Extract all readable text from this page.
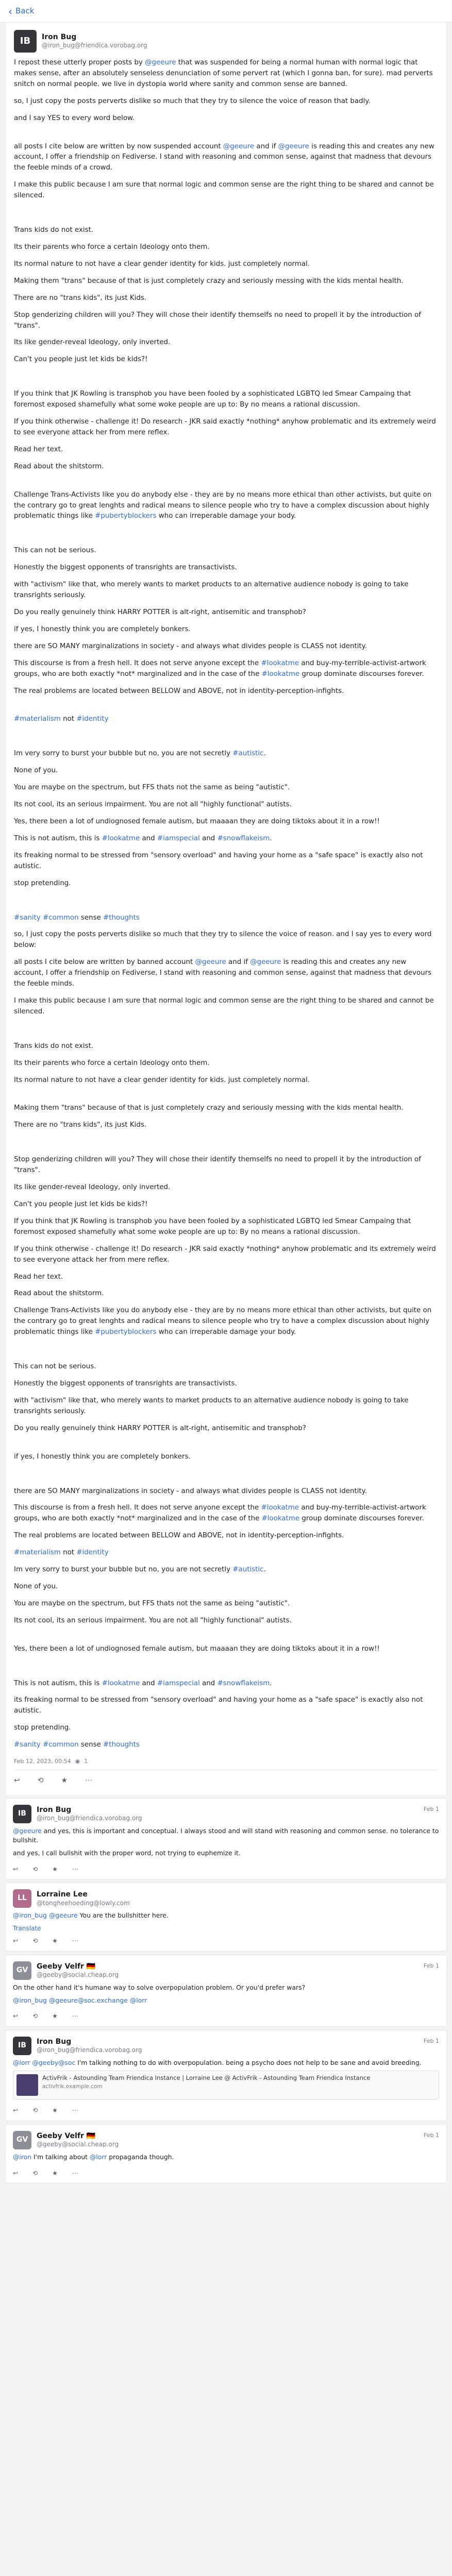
‹ Back
IB	Iron Bug
@iron_bug@friendica.vorobag.org

I repost these utterly proper posts by @geeure that was suspended for being a normal human with normal logic that makes sense, after an absolutely senseless denunciation of some pervert rat (which I gonna ban, for sure). mad perverts snitch on normal people. we live in dystopia world where sanity and common sense are banned.

so, I just copy the posts perverts dislike so much that they try to silence the voice of reason that badly.

and I say YES to every word below.

all posts I cite below are written by now suspended account @geeure and if @geeure is reading this and creates any new account, I offer a friendship on Fediverse. I stand with reasoning and common sense, against that madness that devours the feeble minds of a crowd.

I make this public because I am sure that normal logic and common sense are the right thing to be shared and cannot be silenced.

Trans kids do not exist.

Its their parents who force a certain Ideology onto them.

Its normal nature to not have a clear gender identity for kids. just completely normal.

Making them "trans" because of that is just completely crazy and seriously messing with the kids mental health.

There are no "trans kids", its just Kids.

Stop genderizing children will you? They will chose their identify themselfs no need to propell it by the introduction of "trans".

Its like gender-reveal Ideology, only inverted.

Can't you people just let kids be kids?!

If you think that JK Rowling is transphob you have been fooled by a sophisticated LGBTQ led Smear Campaing that foremost exposed shamefully what some woke people are up to: By no means a rational discussion.

If you think otherwise - challenge it! Do research - JKR said exactly *nothing* anyhow problematic and its extremely weird to see everyone attack her from mere reflex.

Read her text.

Read about the shitstorm.

Challenge Trans-Activists like you do anybody else - they are by no means more ethical than other activists, but quite on the contrary go to great lenghts and radical means to silence people who try to have a complex discussion about highly problematic things like #pubertyblockers who can irreperable damage your body.

This can not be serious.

Honestly the biggest opponents of transrights are transactivists.

with "activism" like that, who merely wants to market products to an alternative audience nobody is going to take transrights seriously.

Do you really genuinely think HARRY POTTER is alt-right, antisemitic and transphob?

if yes, I honestly think you are completely bonkers.

there are SO MANY marginalizations in society - and always what divides people is CLASS not identity.

This discourse is from a fresh hell. It does not serve anyone except the #lookatme and buy-my-terrible-activist-artwork groups, who are both exactly *not* marginalized and in the case of the #lookatme group dominate discourses forever.

The real problems are located between BELLOW and ABOVE, not in identity-perception-infights.

#materialism not #identity

Im very sorry to burst your bubble but no, you are not secretly #autistic.

None of you.

You are maybe on the spectrum, but FFS thats not the same as being "autistic".

Its not cool, its an serious impairment. You are not all "highly functional" autists.

Yes, there been a lot of undiognosed female autism, but maaaan they are doing tiktoks about it in a row!!

This is not autism, this is #lookatme and #iamspecial and #snowflakeism.

its freaking normal to be stressed from "sensory overload" and having your home as a "safe space" is exactly also not autistic.

stop pretending.

#sanity #common sense #thoughts

so, I just copy the posts perverts dislike so much that they try to silence the voice of reason. and I say yes to every word below:

all posts I cite below are written by banned account @geeure and if @geeure is reading this and creates any new account, I offer a friendship on Fediverse, I stand with reasoning and common sense, against that madness that devours the feeble minds.

I make this public because I am sure that normal logic and common sense are the right thing to be shared and cannot be silenced.

Trans kids do not exist.

Its their parents who force a certain Ideology onto them.

Its normal nature to not have a clear gender identity for kids. just completely normal.

Making them "trans" because of that is just completely crazy and seriously messing with the kids mental health.

There are no "trans kids", its just Kids.

Stop genderizing children will you? They will chose their identify themselfs no need to propell it by the introduction of "trans".

Its like gender-reveal Ideology, only inverted.

Can't you people just let kids be kids?!

If you think that JK Rowling is transphob you have been fooled by a sophisticated LGBTQ led Smear Campaing that foremost exposed shamefully what some woke people are up to: By no means a rational discussion.

If you think otherwise - challenge it! Do research - JKR said exactly *nothing* anyhow problematic and its extremely weird to see everyone attack her from mere reflex.

Read her text.

Read about the shitstorm.

Challenge Trans-Activists like you do anybody else - they are by no means more ethical than other activists, but quite on the contrary go to great lenghts and radical means to silence people who try to have a complex discussion about highly problematic things like #pubertyblockers who can irreperable damage your body.

This can not be serious.

Honestly the biggest opponents of transrights are transactivists.

with "activism" like that, who merely wants to market products to an alternative audience nobody is going to take transrights seriously.

Do you really genuinely think HARRY POTTER is alt-right, antisemitic and transphob?

if yes, I honestly think you are completely bonkers.

there are SO MANY marginalizations in society - and always what divides people is CLASS not identity.

This discourse is from a fresh hell. It does not serve anyone except the #lookatme and buy-my-terrible-activist-artwork groups, who are both exactly *not* marginalized and in the case of the #lookatme group dominate discourses forever.

The real problems are located between BELLOW and ABOVE, not in identity-perception-infights.

#materialism not #identity

Im very sorry to burst your bubble but no, you are not secretly #autistic.

None of you.

You are maybe on the spectrum, but FFS thats not the same as being "autistic".

Its not cool, its an serious impairment. You are not all "highly functional" autists.

Yes, there been a lot of undiognosed female autism, but maaaan they are doing tiktoks about it in a row!!

This is not autism, this is #lookatme and #iamspecial and #snowflakeism.

its freaking normal to be stressed from "sensory overload" and having your home as a "safe space" is exactly also not autistic.

stop pretending.

#sanity #common sense #thoughts

Feb 12, 2023, 00:54 ◉ 1
↩ ⟲ ★ ⋯
IB	Iron Bug
@iron_bug@friendica.vorobag.org
Feb 1

@geeure and yes, this is important and conceptual. I always stood and will stand with reasoning and common sense. no tolerance to bullshit.

and yes, I call bullshit with the proper word, not trying to euphemize it.

↩ ⟲ ★ ⋯
LL	Lorraine Lee
@tongheehoeding@lowly.com

@iron_bug @geeure You are the bullshitter here.

Translate
↩ ⟲ ★ ⋯
GV	Geeby Velfr 🇩🇪
@geeby@social.cheap.org
Feb 1

On the other hand it's humane way to solve overpopulation problem. Or you'd prefer wars?

@iron_bug @geeure@soc.exchange @lorr

↩ ⟲ ★ ⋯
IB	Iron Bug
@iron_bug@friendica.vorobag.org
Feb 1

@lorr @geeby@soc I'm talking nothing to do with overpopulation. being a psycho does not help to be sane and avoid breeding.

ActivFrik - Astounding Team Friendica Instance | Lorraine Lee @ ActivFrik - Astounding Team Friendica Instance
activfrik.example.com
↩ ⟲ ★ ⋯
GV	Geeby Velfr 🇩🇪
@geeby@social.cheap.org
Feb 1

@iron I'm talking about @lorr propaganda though.

↩ ⟲ ★ ⋯
